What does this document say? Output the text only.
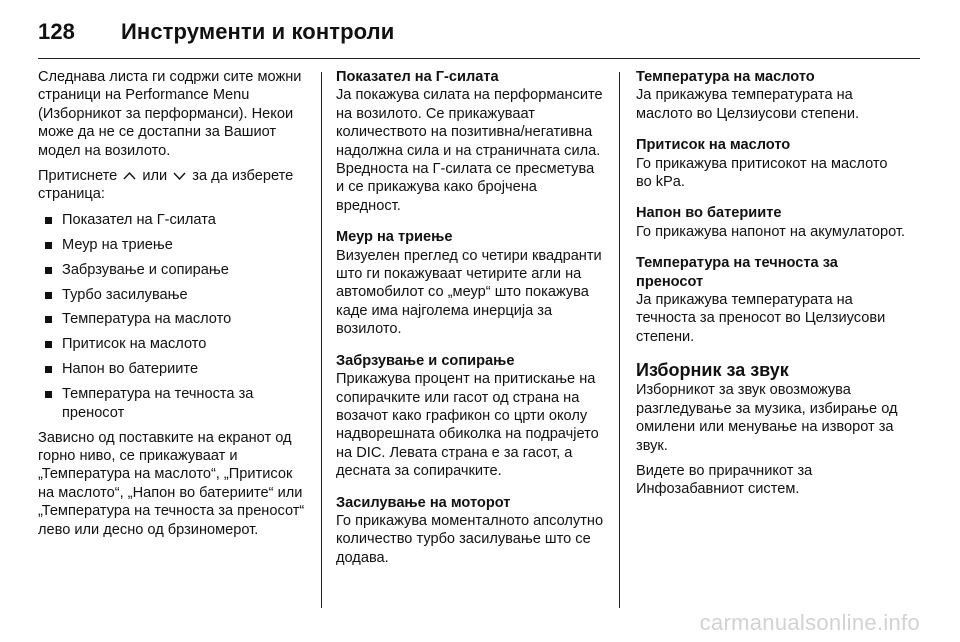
128 Инструменти и контроли

Следнава листа ги содржи сите можни страници на Performance Menu (Изборникот за перформанси). Некои може да не се достапни за Вашиот модел на возилото.

Притиснете или за да изберете страница:

Показател на Г-силата
Меур на триење
Забрзување и сопирање
Турбо засилување
Температура на маслото
Притисок на маслото
Напон во батериите
Температура на течноста за преносот

Зависно од поставките на екранот од горно ниво, се прикажуваат и „Температура на маслото“, „Притисок на маслото“, „Напон во батериите“ или „Температура на течноста за преносот“ лево или десно од брзиномерот.

Показател на Г-силата
Ја покажува силата на перформансите на возилото. Се прикажуваат количеството на позитивна/негативна надолжна сила и на страничната сила. Вредноста на Г-силата се пресметува и се прикажува како бројчена вредност.
Меур на триење
Визуелен преглед со четири квадранти што ги покажуваат четирите агли на автомобилот со „меур“ што покажува каде има најголема инерција за возилото.
Забрзување и сопирање
Прикажува процент на притискање на сопирачките или гасот од страна на возачот како графикон со црти околу надворешната обиколка на подрачјето на DIC. Левата страна е за гасот, а десната за сопирачките.
Засилување на моторот
Го прикажува моменталното апсолутно количество турбо засилување што се додава.
Температура на маслото
Ја прикажува температурата на маслото во Целзиусови степени.
Притисок на маслото
Го прикажува притисокот на маслото во kPa.
Напон во батериите
Го прикажува напонот на акумулаторот.
Температура на течноста за преносот
Ја прикажува температурата на течноста за преносот во Целзиусови степени.
Изборник за звук

Изборникот за звук овозможува разгледување за музика, избирање од омилени или менување на изворот за звук.

Видете во прирачникот за Инфозабавниот систем.

carmanualsonline.info
